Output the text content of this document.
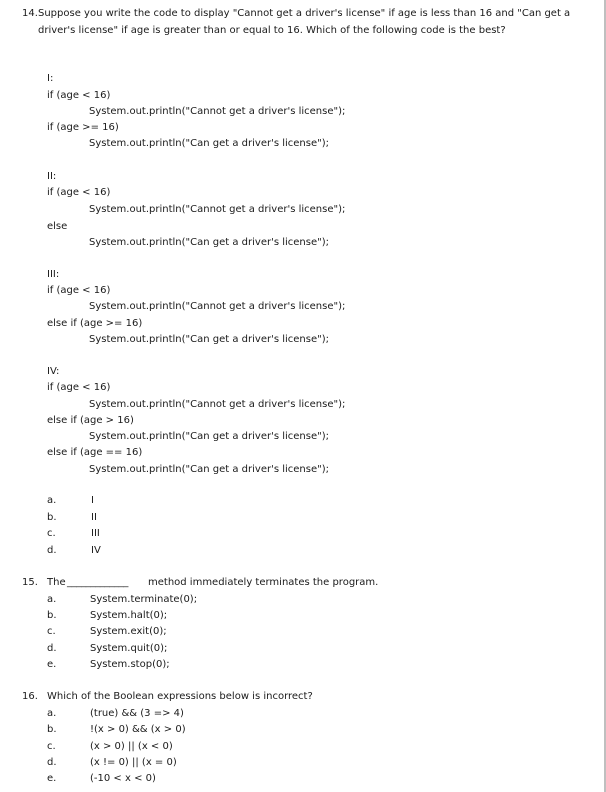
14. Suppose you write the code to display "Cannot get a driver's license" if age is less than 16 and "Can get a driver's license" if age is greater than or equal to 16. Which of the following code is the best?
I:
if (age < 16)
System.out.println("Cannot get a driver's license");
if (age >= 16)
System.out.println("Can get a driver's license");
II:
if (age < 16)
System.out.println("Cannot get a driver's license");
else
System.out.println("Can get a driver's license");
III:
if (age < 16)
System.out.println("Cannot get a driver's license");
else if (age >= 16)
System.out.println("Can get a driver's license");
IV:
if (age < 16)
System.out.println("Cannot get a driver's license");
else if (age > 16)
System.out.println("Can get a driver's license");
else if (age == 16)
System.out.println("Can get a driver's license");
a.	I
b.	II
c.	III
d.	IV
15. The _____________ method immediately terminates the program.
a.	System.terminate(0);
b.	System.halt(0);
c.	System.exit(0);
d.	System.quit(0);
e.	System.stop(0);
16. Which of the Boolean expressions below is incorrect?
a.	(true) && (3 => 4)
b.	!(x > 0) && (x > 0)
c.	(x > 0) || (x < 0)
d.	(x != 0) || (x = 0)
e.	(-10 < x < 0)
